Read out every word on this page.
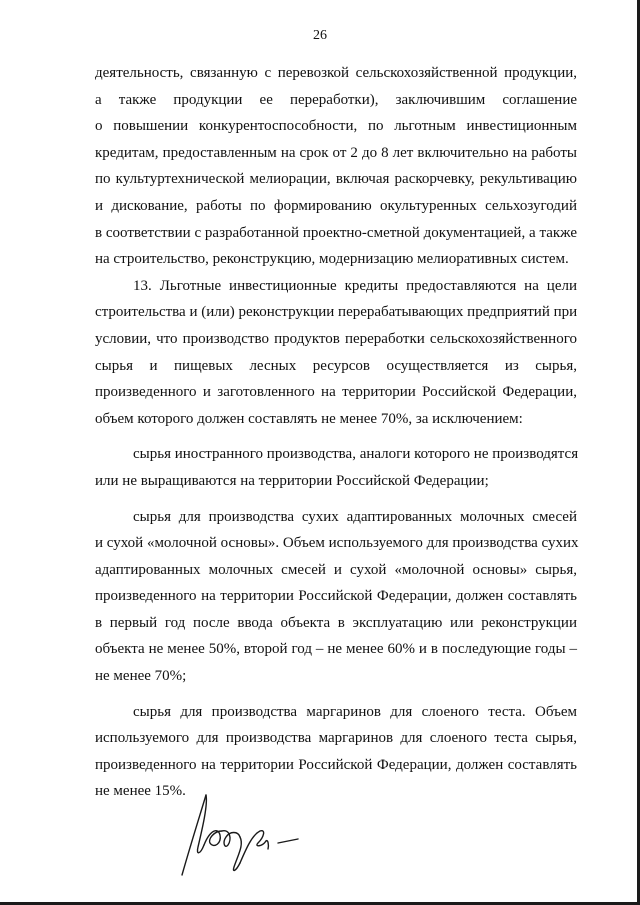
26
деятельность, связанную с перевозкой сельскохозяйственной продукции,
а также продукции ее переработки), заключившим соглашение
о повышении конкурентоспособности, по льготным инвестиционным
кредитам, предоставленным на срок от 2 до 8 лет включительно на работы
по культуртехнической мелиорации, включая раскорчевку, рекультивацию
и дискование, работы по формированию окультуренных сельхозугодий
в соответствии с разработанной проектно-сметной документацией, а также
на строительство, реконструкцию, модернизацию мелиоративных систем.
13. Льготные инвестиционные кредиты предоставляются на цели
строительства и (или) реконструкции перерабатывающих предприятий при
условии, что производство продуктов переработки сельскохозяйственного
сырья и пищевых лесных ресурсов осуществляется из сырья,
произведенного и заготовленного на территории Российской Федерации,
объем которого должен составлять не менее 70%, за исключением:
сырья иностранного производства, аналоги которого не производятся
или не выращиваются на территории Российской Федерации;
сырья для производства сухих адаптированных молочных смесей
и сухой «молочной основы». Объем используемого для производства сухих
адаптированных молочных смесей и сухой «молочной основы» сырья,
произведенного на территории Российской Федерации, должен составлять
в первый год после ввода объекта в эксплуатацию или реконструкции
объекта не менее 50%, второй год – не менее 60% и в последующие годы –
не менее 70%;
сырья для производства маргаринов для слоеного теста. Объем
используемого для производства маргаринов для слоеного теста сырья,
произведенного на территории Российской Федерации, должен составлять
не менее 15%.
